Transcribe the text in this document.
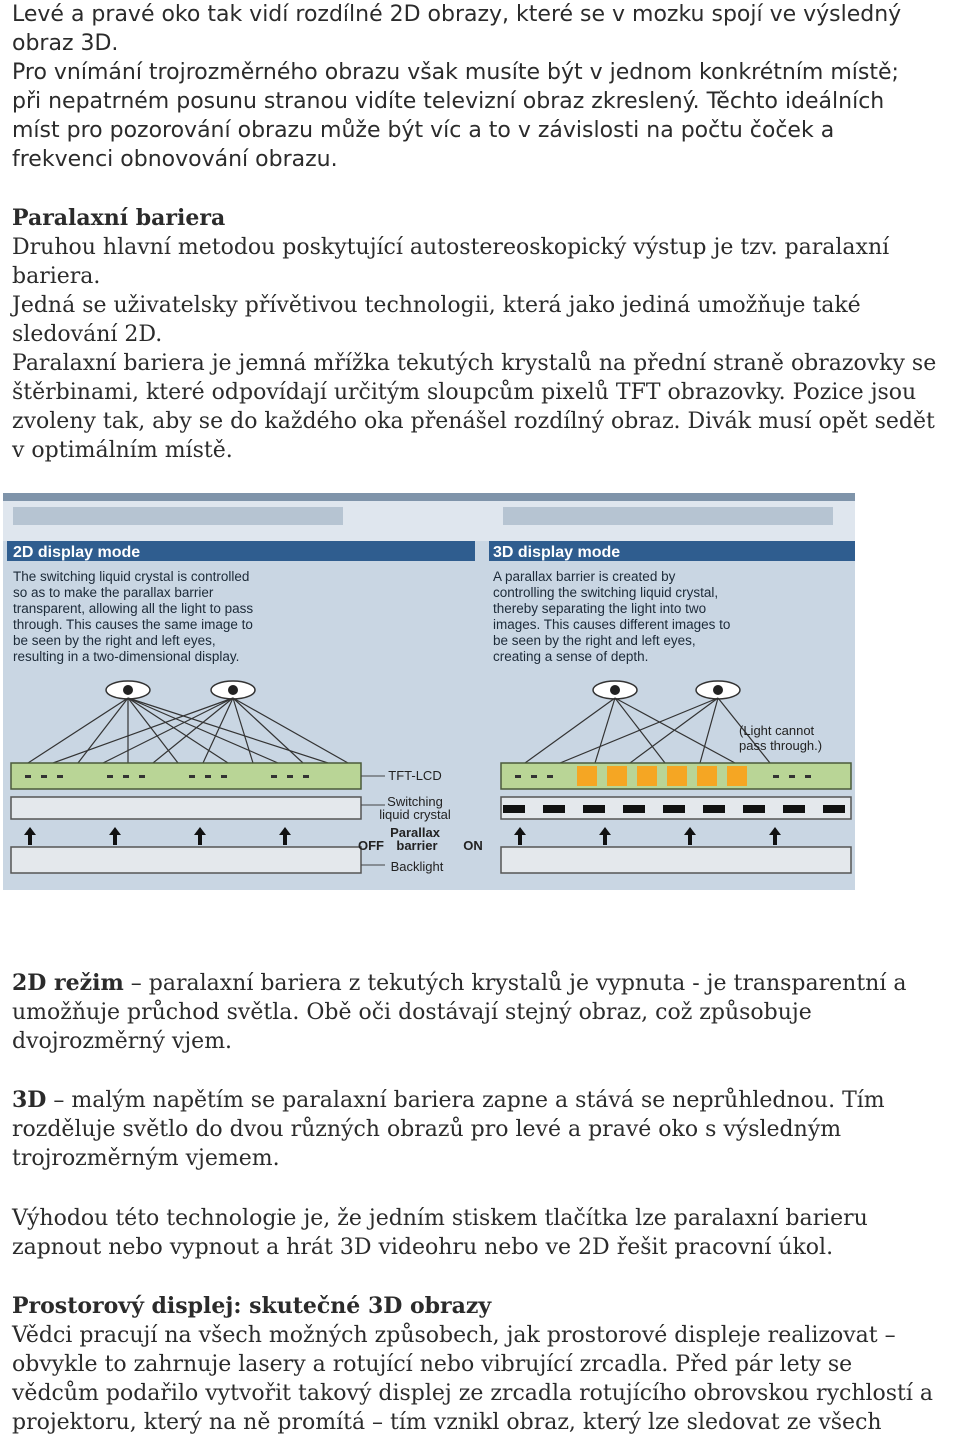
Levé a pravé oko tak vidí rozdílné 2D obrazy, které se v mozku spojí ve výsledný
obraz 3D.
Pro vnímání trojrozměrného obrazu však musíte být v jednom konkrétním místě;
při nepatrném posunu stranou vidíte televizní obraz zkreslený. Těchto ideálních
míst pro pozorování obrazu může být víc a to v závislosti na počtu čoček a
frekvenci obnovování obrazu.
Paralaxní bariera
Druhou hlavní metodou poskytující autostereoskopický výstup je tzv. paralaxní
bariera.
Jedná se uživatelsky přívětivou technologii, která jako jediná umožňuje také
sledování 2D.
Paralaxní bariera je jemná mřížka tekutých krystalů na přední straně obrazovky se
štěrbinami, které odpovídají určitým sloupcům pixelů TFT obrazovky. Pozice jsou
zvoleny tak, aby se do každého oka přenášel rozdílný obraz. Divák musí opět sedět
v optimálním místě.
2D display mode
The switching liquid crystal is controlled
so as to make the parallax barrier
transparent, allowing all the light to pass
through. This causes the same image to
be seen by the right and left eyes,
resulting in a two-dimensional display.
3D display mode
A parallax barrier is created by
controlling the switching liquid crystal,
thereby separating the light into two
images. This causes different images to
be seen by the right and left eyes,
creating a sense of depth.
TFT-LCD
Switching
liquid crystal
Parallax
OFF barrier ON
Backlight
(Light cannot
pass through.)
2D režim – paralaxní bariera z tekutých krystalů je vypnuta - je transparentní a
umožňuje průchod světla. Obě oči dostávají stejný obraz, což způsobuje
dvojrozměrný vjem.
3D – malým napětím se paralaxní bariera zapne a stává se neprůhlednou. Tím
rozděluje světlo do dvou různých obrazů pro levé a pravé oko s výsledným
trojrozměrným vjemem.
Výhodou této technologie je, že jedním stiskem tlačítka lze paralaxní barieru
zapnout nebo vypnout a hrát 3D videohru nebo ve 2D řešit pracovní úkol.
Prostorový displej: skutečné 3D obrazy
Vědci pracují na všech možných způsobech, jak prostorové displeje realizovat –
obvykle to zahrnuje lasery a rotující nebo vibrující zrcadla. Před pár lety se
vědcům podařilo vytvořit takový displej ze zrcadla rotujícího obrovskou rychlostí a
projektoru, který na ně promítá – tím vznikl obraz, který lze sledovat ze všech
